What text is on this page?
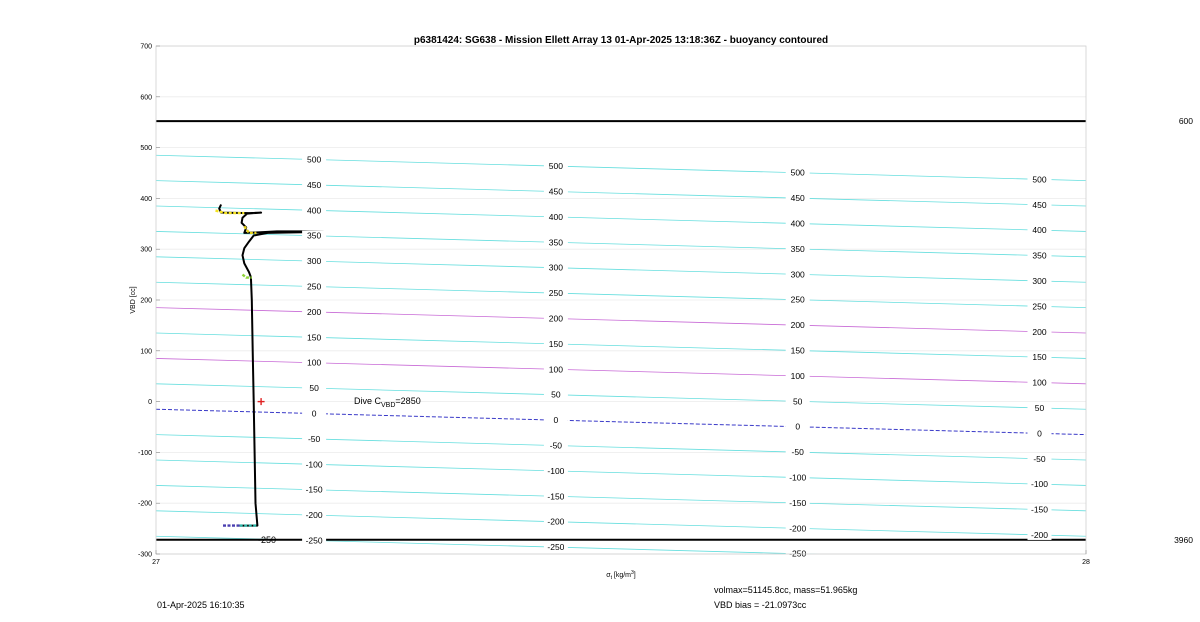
600
3960
-250
-200
-150
-100
-50
0
50
100
150
200
250
300
350
400
450
500
-250
-200
-150
-100
-50
0
50
100
150
200
250
300
350
400
450
500
-250
-200
-150
-100
-50
0
50
100
150
200
250
300
350
400
450
500
-200
-150
-100
-50
0
50
100
150
200
250
300
350
400
450
500
-300
-200
-100
0
100
200
300
400
500
600
700
27	28
p6381424: SG638 - Mission Ellett Array 13 01-Apr-2025 13:18:36Z - buoyancy contoured
$\sigma_t$ $[kg/m^3]$
VBD [cc]
Dive $C_{VBD}=2850$
-250
01-Apr-2025 16:10:35
volmax=51145.8cc, mass=51.965kg
VBD bias = -21.0973cc
